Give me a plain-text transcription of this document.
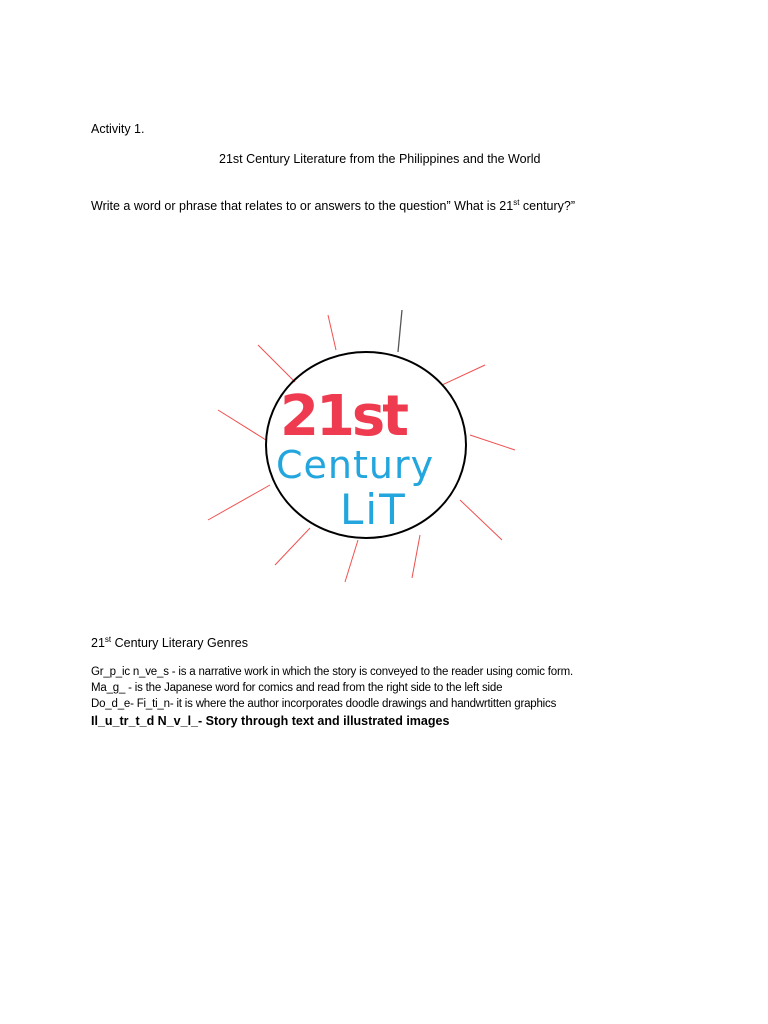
Activity 1.
21st Century Literature from the Philippines and the World
Write a word or phrase that relates to or answers to the question” What is 21st century?”
21st
Century
LiT
21st Century Literary Genres
Gr_p_ic n_ve_s - is a narrative work in which the story is conveyed to the reader using comic form.
Ma_g_ - is the Japanese word for comics and read from the right side to the left side
Do_d_e- Fi_ti_n- it is where the author incorporates doodle drawings and handwrtitten graphics
Il_u_tr_t_d N_v_l_- Story through text and illustrated images
